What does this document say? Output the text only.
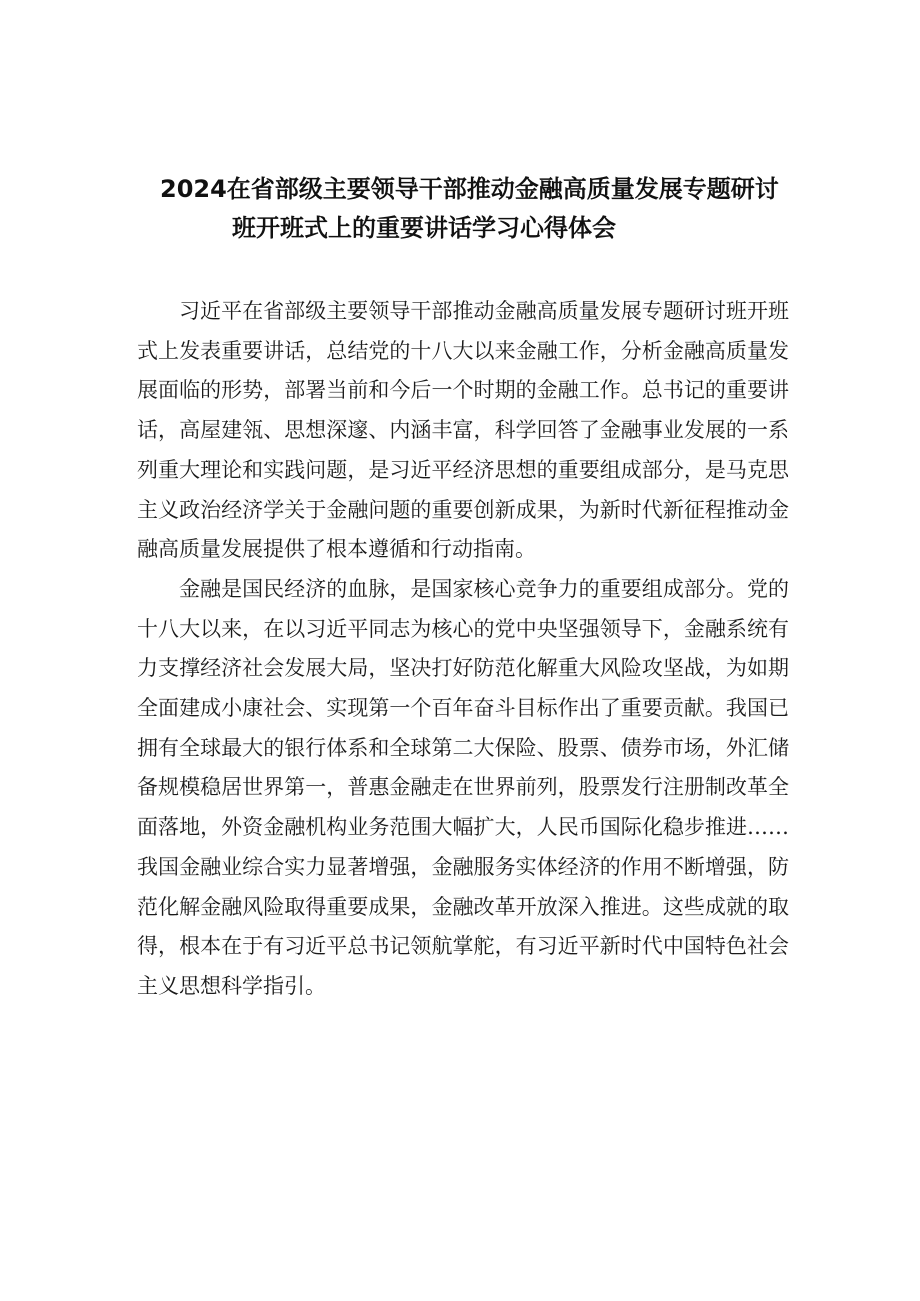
2024在省部级主要领导干部推动金融高质量发展专题研讨
班开班式上的重要讲话学习心得体会

习近平在省部级主要领导干部推动金融高质量发展专题研讨班开班式上发表重要讲话，总结党的十八大以来金融工作，分析金融高质量发展面临的形势，部署当前和今后一个时期的金融工作。总书记的重要讲话，高屋建瓴、思想深邃、内涵丰富，科学回答了金融事业发展的一系列重大理论和实践问题，是习近平经济思想的重要组成部分，是马克思主义政治经济学关于金融问题的重要创新成果，为新时代新征程推动金融高质量发展提供了根本遵循和行动指南。

金融是国民经济的血脉，是国家核心竞争力的重要组成部分。党的十八大以来，在以习近平同志为核心的党中央坚强领导下，金融系统有力支撑经济社会发展大局，坚决打好防范化解重大风险攻坚战，为如期全面建成小康社会、实现第一个百年奋斗目标作出了重要贡献。我国已拥有全球最大的银行体系和全球第二大保险、股票、债券市场，外汇储备规模稳居世界第一，普惠金融走在世界前列，股票发行注册制改革全面落地，外资金融机构业务范围大幅扩大，人民币国际化稳步推进……我国金融业综合实力显著增强，金融服务实体经济的作用不断增强，防范化解金融风险取得重要成果，金融改革开放深入推进。这些成就的取得，根本在于有习近平总书记领航掌舵，有习近平新时代中国特色社会主义思想科学指引。
